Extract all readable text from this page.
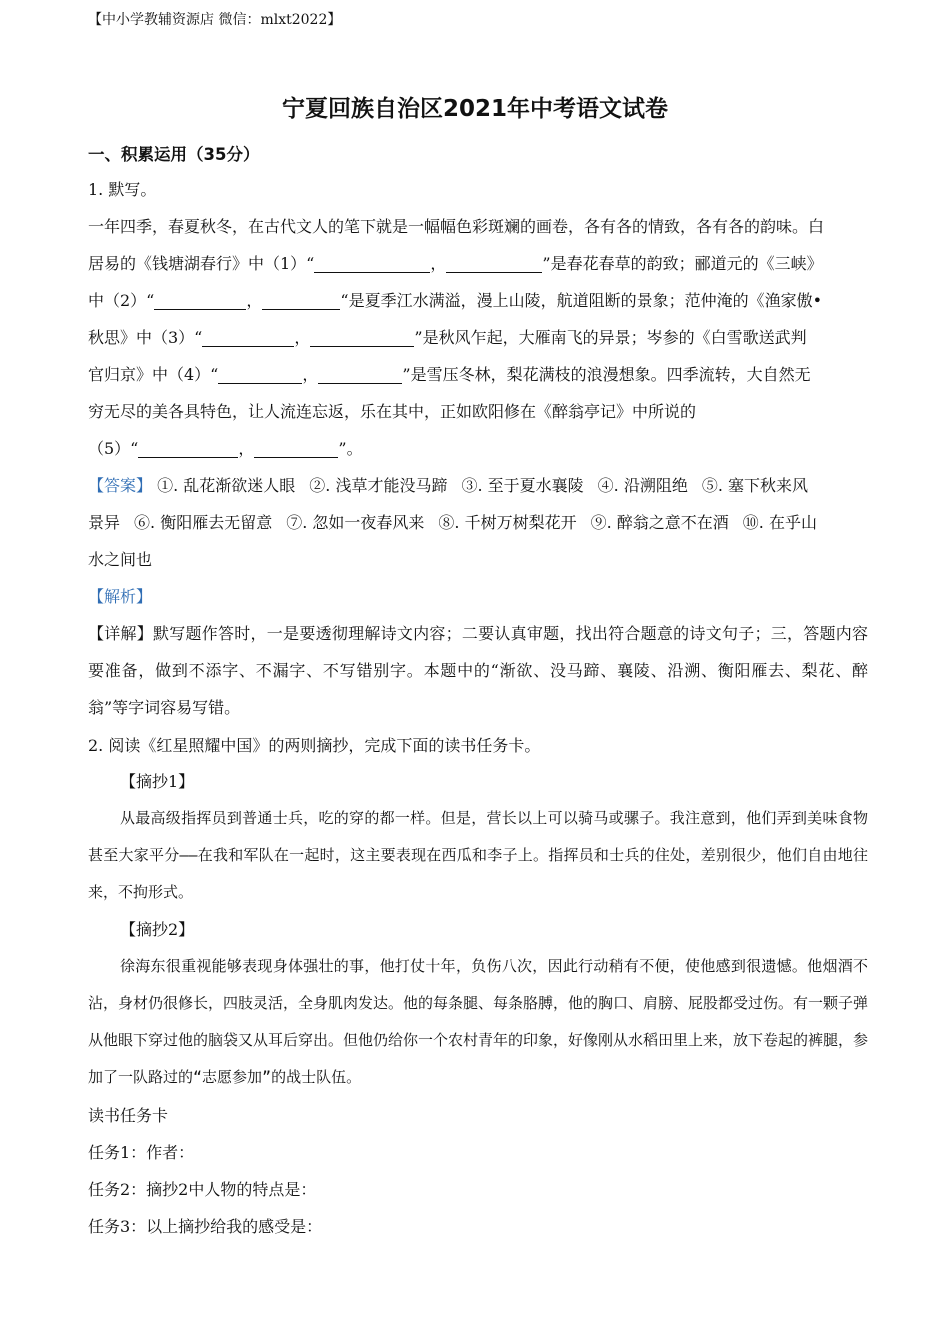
【中小学教辅资源店 微信：mlxt2022】
宁夏回族自治区2021年中考语文试卷
一、积累运用（35分）
1. 默写。
一年四季，春夏秋冬，在古代文人的笔下就是一幅幅色彩斑斓的画卷，各有各的情致，各有各的韵味。白
居易的《钱塘湖春行》中（1）“	，	”是春花春草的韵致；郦道元的《三峡》
中（2）“	，	“是夏季江水满溢，漫上山陵，航道阻断的景象；范仲淹的《渔家傲•
秋思》中（3）“	，	”是秋风乍起，大雁南飞的异景；岑参的《白雪歌送武判
官归京》中（4）“	，	”是雪压冬林，梨花满枝的浪漫想象。四季流转，大自然无
穷无尽的美各具特色，让人流连忘返，乐在其中，正如欧阳修在《醉翁亭记》中所说的
（5）“	，	”。
【答案】 ①. 乱花渐欲迷人眼 ②. 浅草才能没马蹄 ③. 至于夏水襄陵 ④. 沿溯阻绝 ⑤. 塞下秋来风
景异 ⑥. 衡阳雁去无留意 ⑦. 忽如一夜春风来 ⑧. 千树万树梨花开 ⑨. 醉翁之意不在酒 ⑩. 在乎山
水之间也
【解析】
【详解】默写题作答时，一是要透彻理解诗文内容；二要认真审题，找出符合题意的诗文句子；三，答题内容要准备，做到不添字、不漏字、不写错别字。本题中的“渐欲、没马蹄、襄陵、沿溯、衡阳雁去、梨花、醉翁”等字词容易写错。
2. 阅读《红星照耀中国》的两则摘抄，完成下面的读书任务卡。
【摘抄1】
从最高级指挥员到普通士兵，吃的穿的都一样。但是，营长以上可以骑马或骡子。我注意到，他们弄到美味食物甚至大家平分——在我和军队在一起时，这主要表现在西瓜和李子上。指挥员和士兵的住处，差别很少，他们自由地往来，不拘形式。
【摘抄2】
徐海东很重视能够表现身体强壮的事，他打仗十年，负伤八次，因此行动稍有不便，使他感到很遗憾。他烟酒不沾，身材仍很修长，四肢灵活，全身肌肉发达。他的每条腿、每条胳膊，他的胸口、肩膀、屁股都受过伤。有一颗子弹从他眼下穿过他的脑袋又从耳后穿出。但他仍给你一个农村青年的印象，好像刚从水稻田里上来，放下卷起的裤腿，参加了一队路过的“志愿参加”的战士队伍。
读书任务卡
任务1：作者：
任务2：摘抄2中人物的特点是：
任务3：以上摘抄给我的感受是：
